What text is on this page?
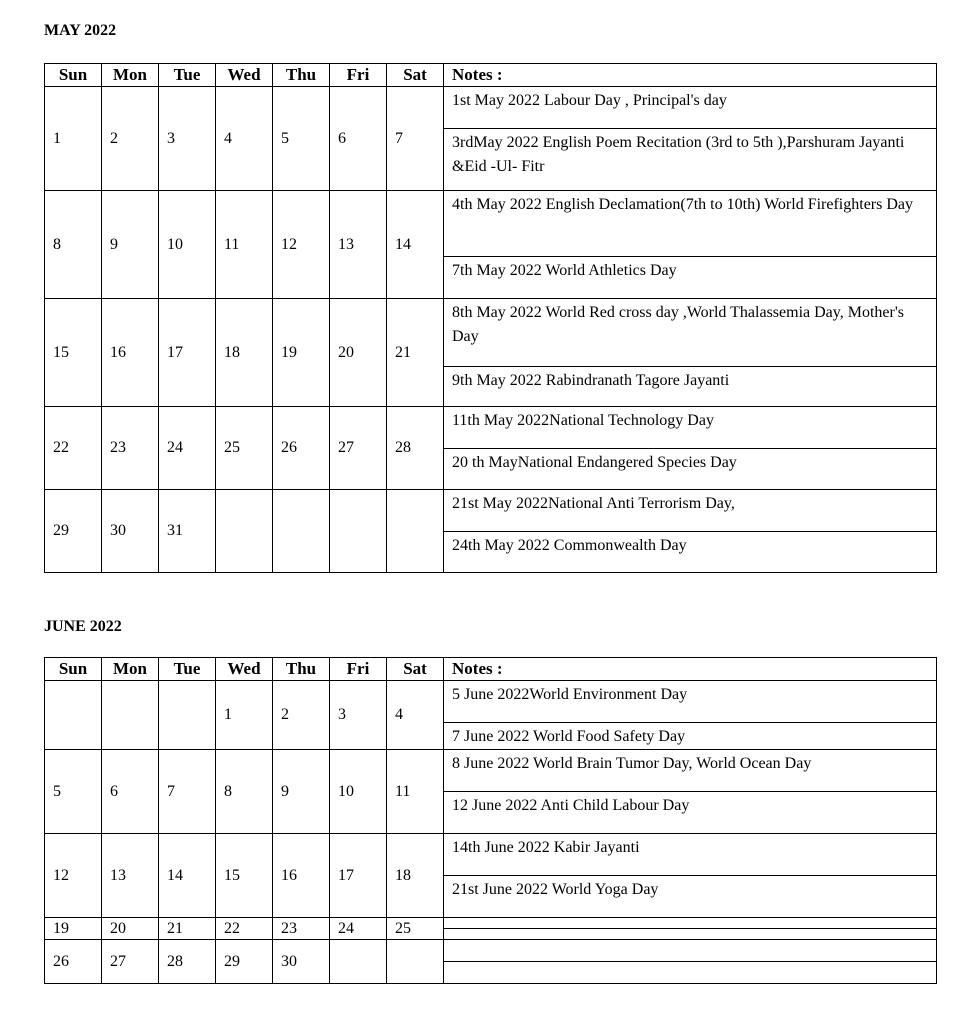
MAY 2022
Sun	Mon	Tue	Wed	Thu	Fri	Sat	Notes :
1	2	3	4	5	6	7	1st May 2022 Labour Day , Principal's day

							3rdMay 2022 English Poem Recitation (3rd to 5th ),Parshuram Jayanti &Eid -Ul- Fitr

8	9	10	11	12	13	14	4th May 2022 English Declamation(7th to 10th) World Firefighters Day

							7th May 2022 World Athletics Day

15	16	17	18	19	20	21	8th May 2022 World Red cross day ,World Thalassemia Day, Mother's Day

							9th May 2022 Rabindranath Tagore Jayanti

22	23	24	25	26	27	28	11th May 2022National Technology Day

							20 th MayNational Endangered Species Day

29	30	31					21st May 2022National Anti Terrorism Day,

							24th May 2022 Commonwealth Day
JUNE 2022
Sun	Mon	Tue	Wed	Thu	Fri	Sat	Notes :
			1	2	3	4	5 June 2022World Environment Day

							7 June 2022 World Food Safety Day

5	6	7	8	9	10	11	8 June 2022 World Brain Tumor Day, World Ocean Day

							12 June 2022 Anti Child Labour Day

12	13	14	15	16	17	18	14th June 2022 Kabir Jayanti

							21st June 2022 World Yoga Day

19	20	21	22	23	24	25	

26	27	28	29	30			
